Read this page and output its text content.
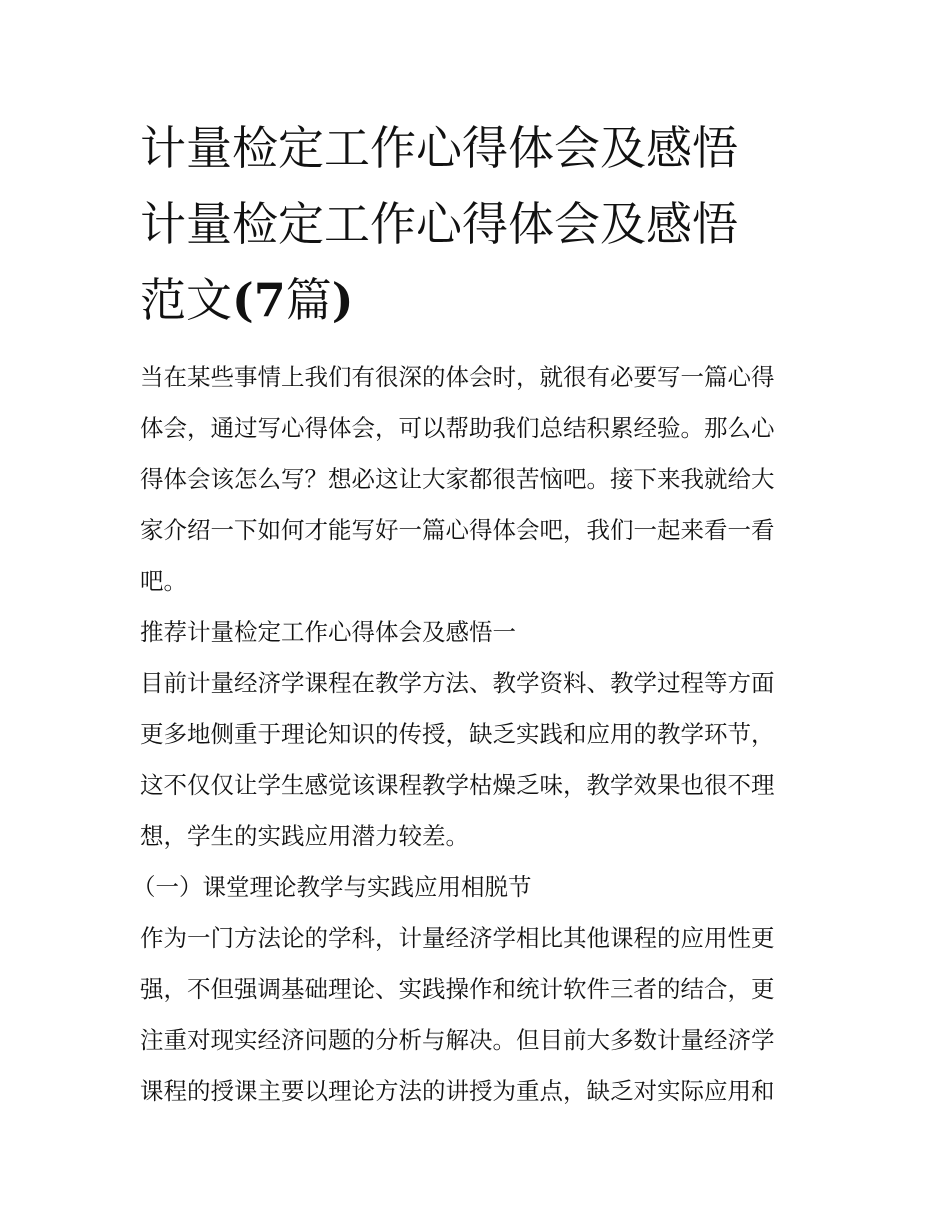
计量检定工作心得体会及感悟
计量检定工作心得体会及感悟
范文(7篇)

当在某些事情上我们有很深的体会时，就很有必要写一篇心得
体会，通过写心得体会，可以帮助我们总结积累经验。那么心
得体会该怎么写？想必这让大家都很苦恼吧。接下来我就给大
家介绍一下如何才能写好一篇心得体会吧，我们一起来看一看
吧。

推荐计量检定工作心得体会及感悟一

目前计量经济学课程在教学方法、教学资料、教学过程等方面
更多地侧重于理论知识的传授，缺乏实践和应用的教学环节，
这不仅仅让学生感觉该课程教学枯燥乏味，教学效果也很不理
想，学生的实践应用潜力较差。

（一）课堂理论教学与实践应用相脱节

作为一门方法论的学科，计量经济学相比其他课程的应用性更
强，不但强调基础理论、实践操作和统计软件三者的结合，更
注重对现实经济问题的分析与解决。但目前大多数计量经济学
课程的授课主要以理论方法的讲授为重点，缺乏对实际应用和
